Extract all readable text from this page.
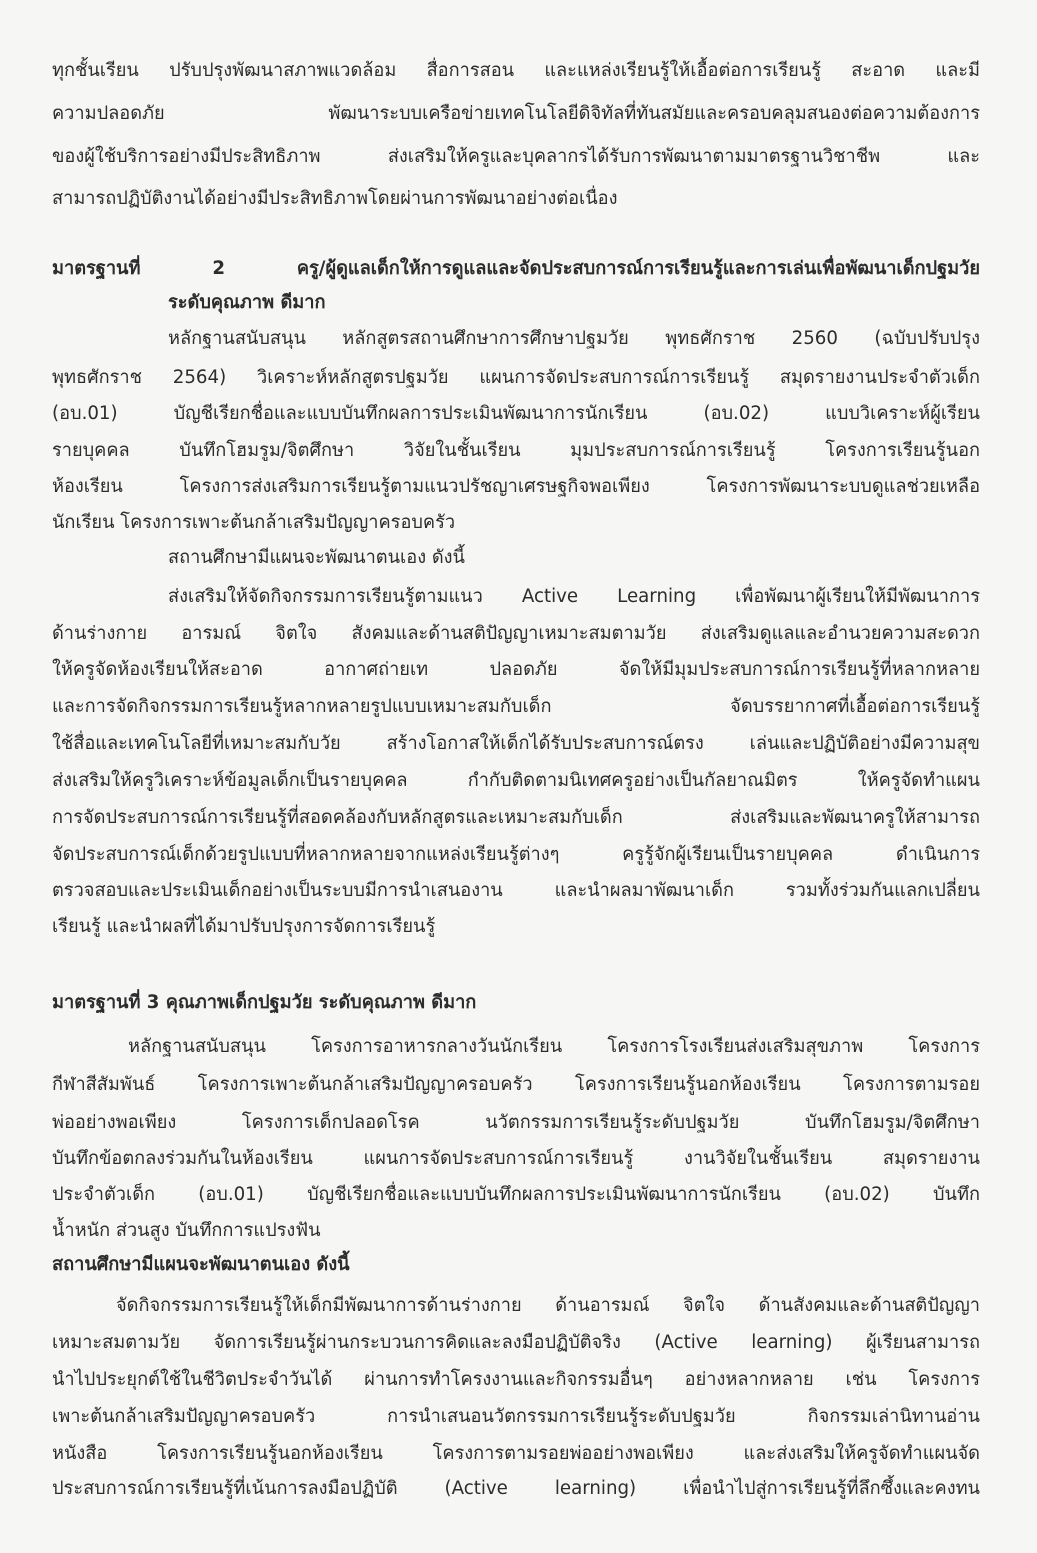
ทุกชั้นเรียน ปรับปรุงพัฒนาสภาพแวดล้อม สื่อการสอน และแหล่งเรียนรู้ให้เอื้อต่อการเรียนรู้ สะอาด และมี
ความปลอดภัย พัฒนาระบบเครือข่ายเทคโนโลยีดิจิทัลที่ทันสมัยและครอบคลุมสนองต่อความต้องการ
ของผู้ใช้บริการอย่างมีประสิทธิภาพ ส่งเสริมให้ครูและบุคลากรได้รับการพัฒนาตามมาตรฐานวิชาชีพ และ
สามารถปฏิบัติงานได้อย่างมีประสิทธิภาพโดยผ่านการพัฒนาอย่างต่อเนื่อง
มาตรฐานที่ 2 ครู/ผู้ดูแลเด็กให้การดูแลและจัดประสบการณ์การเรียนรู้และการเล่นเพื่อพัฒนาเด็กปฐมวัย
ระดับคุณภาพ ดีมาก
หลักฐานสนับสนุน หลักสูตรสถานศึกษาการศึกษาปฐมวัย พุทธศักราช 2560 (ฉบับปรับปรุง
พุทธศักราช 2564) วิเคราะห์หลักสูตรปฐมวัย แผนการจัดประสบการณ์การเรียนรู้ สมุดรายงานประจำตัวเด็ก
(อบ.01) บัญชีเรียกชื่อและแบบบันทึกผลการประเมินพัฒนาการนักเรียน (อบ.02) แบบวิเคราะห์ผู้เรียน
รายบุคคล บันทึกโฮมรูม/จิตศึกษา วิจัยในชั้นเรียน มุมประสบการณ์การเรียนรู้ โครงการเรียนรู้นอก
ห้องเรียน โครงการส่งเสริมการเรียนรู้ตามแนวปรัชญาเศรษฐกิจพอเพียง โครงการพัฒนาระบบดูแลช่วยเหลือ
นักเรียน โครงการเพาะต้นกล้าเสริมปัญญาครอบครัว
สถานศึกษามีแผนจะพัฒนาตนเอง ดังนี้
ส่งเสริมให้จัดกิจกรรมการเรียนรู้ตามแนว Active Learning เพื่อพัฒนาผู้เรียนให้มีพัฒนาการ
ด้านร่างกาย อารมณ์ จิตใจ สังคมและด้านสติปัญญาเหมาะสมตามวัย ส่งเสริมดูแลและอำนวยความสะดวก
ให้ครูจัดห้องเรียนให้สะอาด อากาศถ่ายเท ปลอดภัย จัดให้มีมุมประสบการณ์การเรียนรู้ที่หลากหลาย
และการจัดกิจกรรมการเรียนรู้หลากหลายรูปแบบเหมาะสมกับเด็ก จัดบรรยากาศที่เอื้อต่อการเรียนรู้
ใช้สื่อและเทคโนโลยีที่เหมาะสมกับวัย สร้างโอกาสให้เด็กได้รับประสบการณ์ตรง เล่นและปฏิบัติอย่างมีความสุข
ส่งเสริมให้ครูวิเคราะห์ข้อมูลเด็กเป็นรายบุคคล กำกับติดตามนิเทศครูอย่างเป็นกัลยาณมิตร ให้ครูจัดทำแผน
การจัดประสบการณ์การเรียนรู้ที่สอดคล้องกับหลักสูตรและเหมาะสมกับเด็ก ส่งเสริมและพัฒนาครูให้สามารถ
จัดประสบการณ์เด็กด้วยรูปแบบที่หลากหลายจากแหล่งเรียนรู้ต่างๆ ครูรู้จักผู้เรียนเป็นรายบุคคล ดำเนินการ
ตรวจสอบและประเมินเด็กอย่างเป็นระบบมีการนำเสนองาน และนำผลมาพัฒนาเด็ก รวมทั้งร่วมกันแลกเปลี่ยน
เรียนรู้ และนำผลที่ได้มาปรับปรุงการจัดการเรียนรู้
มาตรฐานที่ 3 คุณภาพเด็กปฐมวัย ระดับคุณภาพ ดีมาก
หลักฐานสนับสนุน โครงการอาหารกลางวันนักเรียน โครงการโรงเรียนส่งเสริมสุขภาพ โครงการ
กีฬาสีสัมพันธ์ โครงการเพาะต้นกล้าเสริมปัญญาครอบครัว โครงการเรียนรู้นอกห้องเรียน โครงการตามรอย
พ่ออย่างพอเพียง โครงการเด็กปลอดโรค นวัตกรรมการเรียนรู้ระดับปฐมวัย บันทึกโฮมรูม/จิตศึกษา
บันทึกข้อตกลงร่วมกันในห้องเรียน แผนการจัดประสบการณ์การเรียนรู้ งานวิจัยในชั้นเรียน สมุดรายงาน
ประจำตัวเด็ก (อบ.01) บัญชีเรียกชื่อและแบบบันทึกผลการประเมินพัฒนาการนักเรียน (อบ.02) บันทึก
น้ำหนัก ส่วนสูง บันทึกการแปรงฟัน
สถานศึกษามีแผนจะพัฒนาตนเอง ดังนี้
จัดกิจกรรมการเรียนรู้ให้เด็กมีพัฒนาการด้านร่างกาย ด้านอารมณ์ จิตใจ ด้านสังคมและด้านสติปัญญา
เหมาะสมตามวัย จัดการเรียนรู้ผ่านกระบวนการคิดและลงมือปฏิบัติจริง (Active learning) ผู้เรียนสามารถ
นำไปประยุกต์ใช้ในชีวิตประจำวันได้ ผ่านการทำโครงงานและกิจกรรมอื่นๆ อย่างหลากหลาย เช่น โครงการ
เพาะต้นกล้าเสริมปัญญาครอบครัว การนำเสนอนวัตกรรมการเรียนรู้ระดับปฐมวัย กิจกรรมเล่านิทานอ่าน
หนังสือ โครงการเรียนรู้นอกห้องเรียน โครงการตามรอยพ่ออย่างพอเพียง และส่งเสริมให้ครูจัดทำแผนจัด
ประสบการณ์การเรียนรู้ที่เน้นการลงมือปฏิบัติ (Active learning) เพื่อนำไปสู่การเรียนรู้ที่ลึกซึ้งและคงทน
